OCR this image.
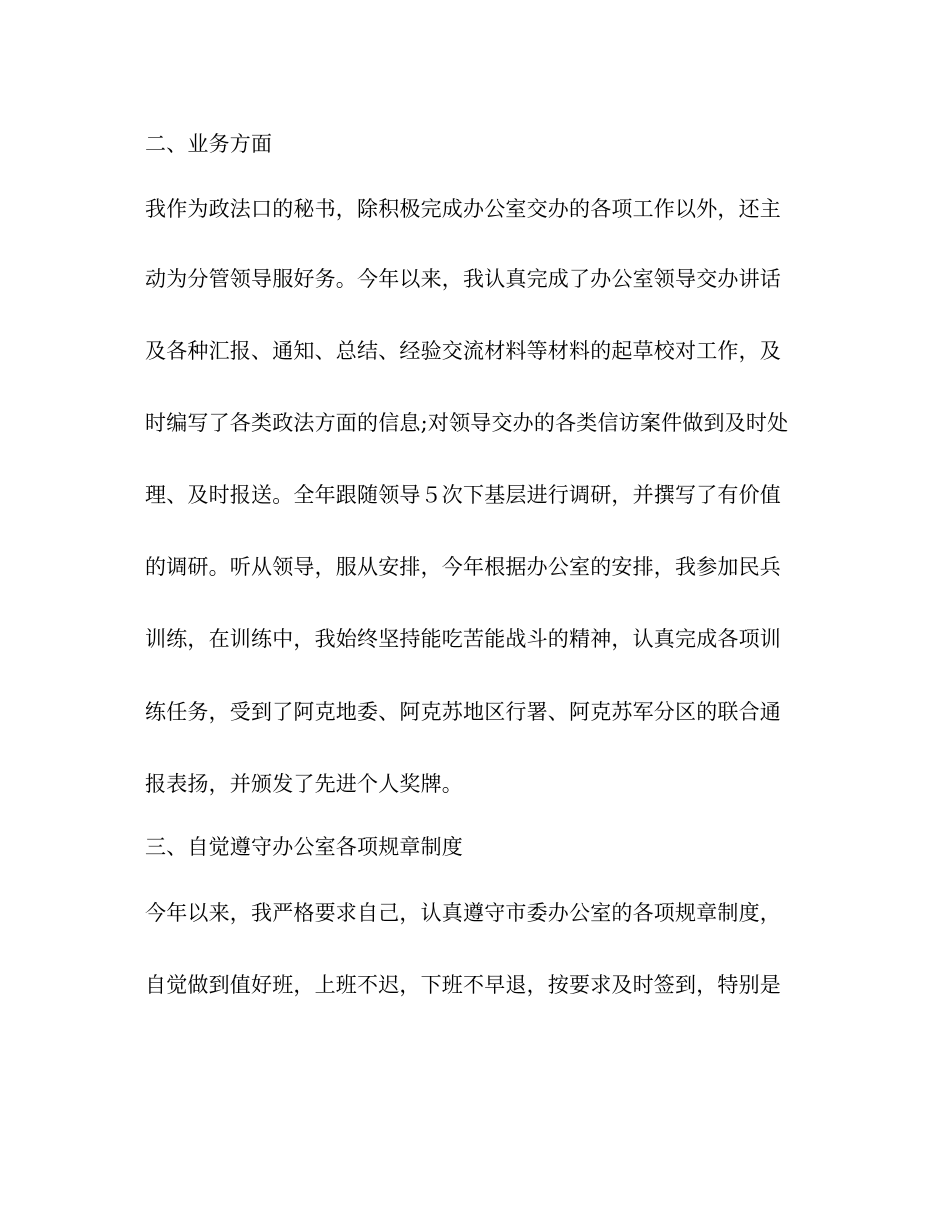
二、业务方面
我作为政法口的秘书，除积极完成办公室交办的各项工作以外，还主
动为分管领导服好务。今年以来，我认真完成了办公室领导交办讲话
及各种汇报、通知、总结、经验交流材料等材料的起草校对工作，及
时编写了各类政法方面的信息;对领导交办的各类信访案件做到及时处
理、及时报送。全年跟随领导５次下基层进行调研，并撰写了有价值
的调研。听从领导，服从安排，今年根据办公室的安排，我参加民兵
训练，在训练中，我始终坚持能吃苦能战斗的精神，认真完成各项训
练任务，受到了阿克地委、阿克苏地区行署、阿克苏军分区的联合通
报表扬，并颁发了先进个人奖牌。
三、自觉遵守办公室各项规章制度
今年以来，我严格要求自己，认真遵守市委办公室的各项规章制度，
自觉做到值好班，上班不迟，下班不早退，按要求及时签到，特别是
